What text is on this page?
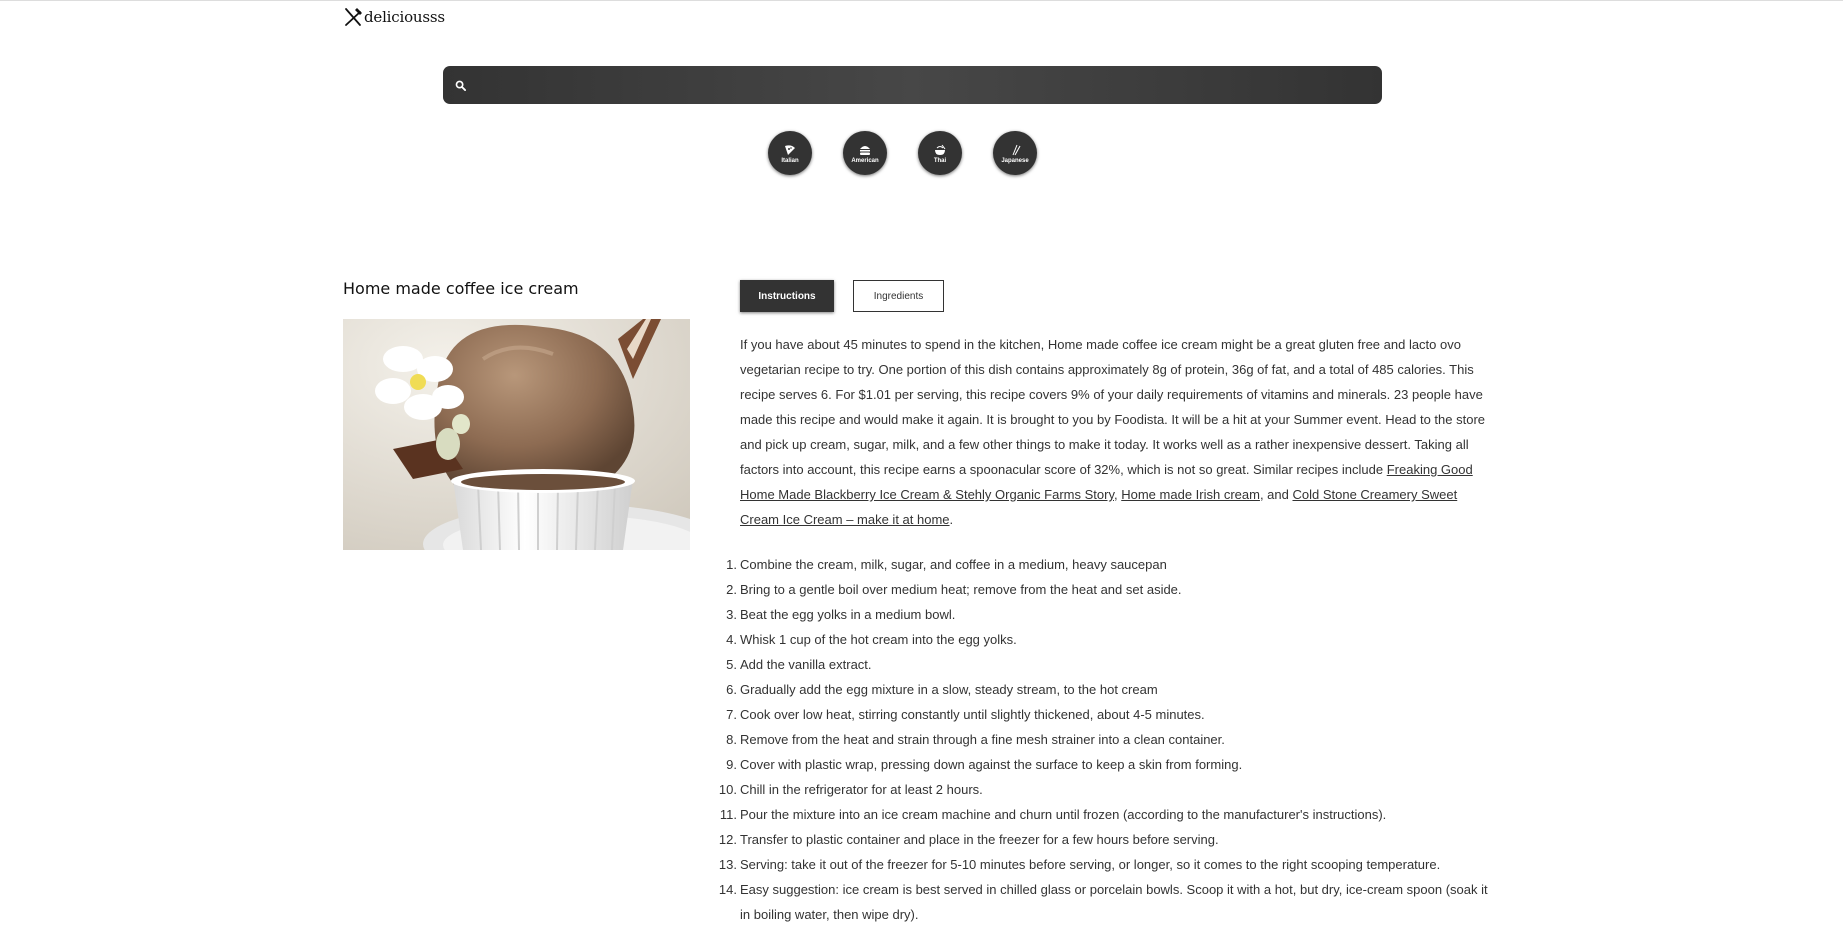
deliciousss
Italian	American	Thai	Japanese
Home made coffee ice cream	Instructions	Ingredients

If you have about 45 minutes to spend in the kitchen, Home made coffee ice cream might be a great gluten free and lacto ovo vegetarian recipe to try. One portion of this dish contains approximately 8g of protein, 36g of fat, and a total of 485 calories. This recipe serves 6. For $1.01 per serving, this recipe covers 9% of your daily requirements of vitamins and minerals. 23 people have made this recipe and would make it again. It is brought to you by Foodista. It will be a hit at your Summer event. Head to the store and pick up cream, sugar, milk, and a few other things to make it today. It works well as a rather inexpensive dessert. Taking all factors into account, this recipe earns a spoonacular score of 32%, which is not so great. Similar recipes include Freaking Good Home Made Blackberry Ice Cream & Stehly Organic Farms Story, Home made Irish cream, and Cold Stone Creamery Sweet Cream Ice Cream – make it at home.

1. Combine the cream, milk, sugar, and coffee in a medium, heavy saucepan
2. Bring to a gentle boil over medium heat; remove from the heat and set aside.
3. Beat the egg yolks in a medium bowl.
4. Whisk 1 cup of the hot cream into the egg yolks.
5. Add the vanilla extract.
6. Gradually add the egg mixture in a slow, steady stream, to the hot cream
7. Cook over low heat, stirring constantly until slightly thickened, about 4-5 minutes.
8. Remove from the heat and strain through a fine mesh strainer into a clean container.
9. Cover with plastic wrap, pressing down against the surface to keep a skin from forming.
10. Chill in the refrigerator for at least 2 hours.
11. Pour the mixture into an ice cream machine and churn until frozen (according to the manufacturer's instructions).
12. Transfer to plastic container and place in the freezer for a few hours before serving.
13. Serving: take it out of the freezer for 5-10 minutes before serving, or longer, so it comes to the right scooping temperature.
14. Easy suggestion: ice cream is best served in chilled glass or porcelain bowls. Scoop it with a hot, but dry, ice-cream spoon (soak it in boiling water, then wipe dry).
